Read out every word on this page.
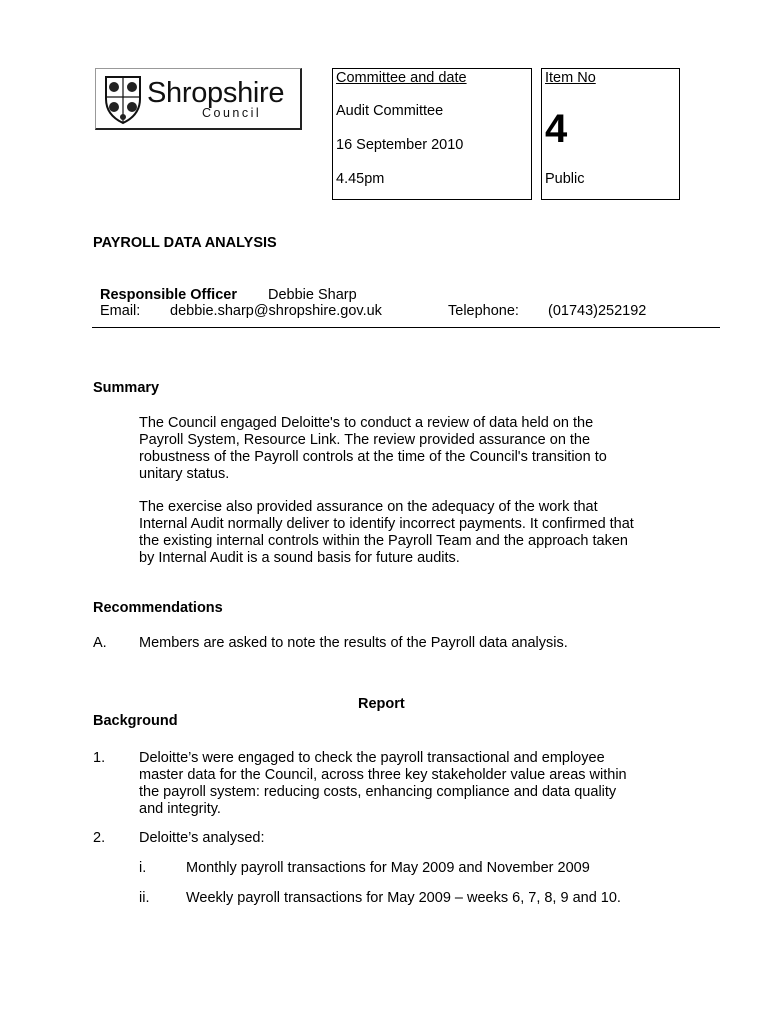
Shropshire
Council
Committee and date
Audit Committee
16 September 2010
4.45pm
Item No
4
Public
PAYROLL DATA ANALYSIS
Responsible Officer Debbie Sharp
Email: debbie.sharp@shropshire.gov.uk	Telephone: (01743)252192
Summary
The Council engaged Deloitte's to conduct a review of data held on the
Payroll System, Resource Link. The review provided assurance on the
robustness of the Payroll controls at the time of the Council's transition to
unitary status.
The exercise also provided assurance on the adequacy of the work that
Internal Audit normally deliver to identify incorrect payments. It confirmed that
the existing internal controls within the Payroll Team and the approach taken
by Internal Audit is a sound basis for future audits.
Recommendations
A. Members are asked to note the results of the Payroll data analysis.
Report
Background
1. Deloitte’s were engaged to check the payroll transactional and employee
master data for the Council, across three key stakeholder value areas within
the payroll system: reducing costs, enhancing compliance and data quality
and integrity.
2. Deloitte’s analysed:
i.	Monthly payroll transactions for May 2009 and November 2009
ii.	Weekly payroll transactions for May 2009 – weeks 6, 7, 8, 9 and 10.
